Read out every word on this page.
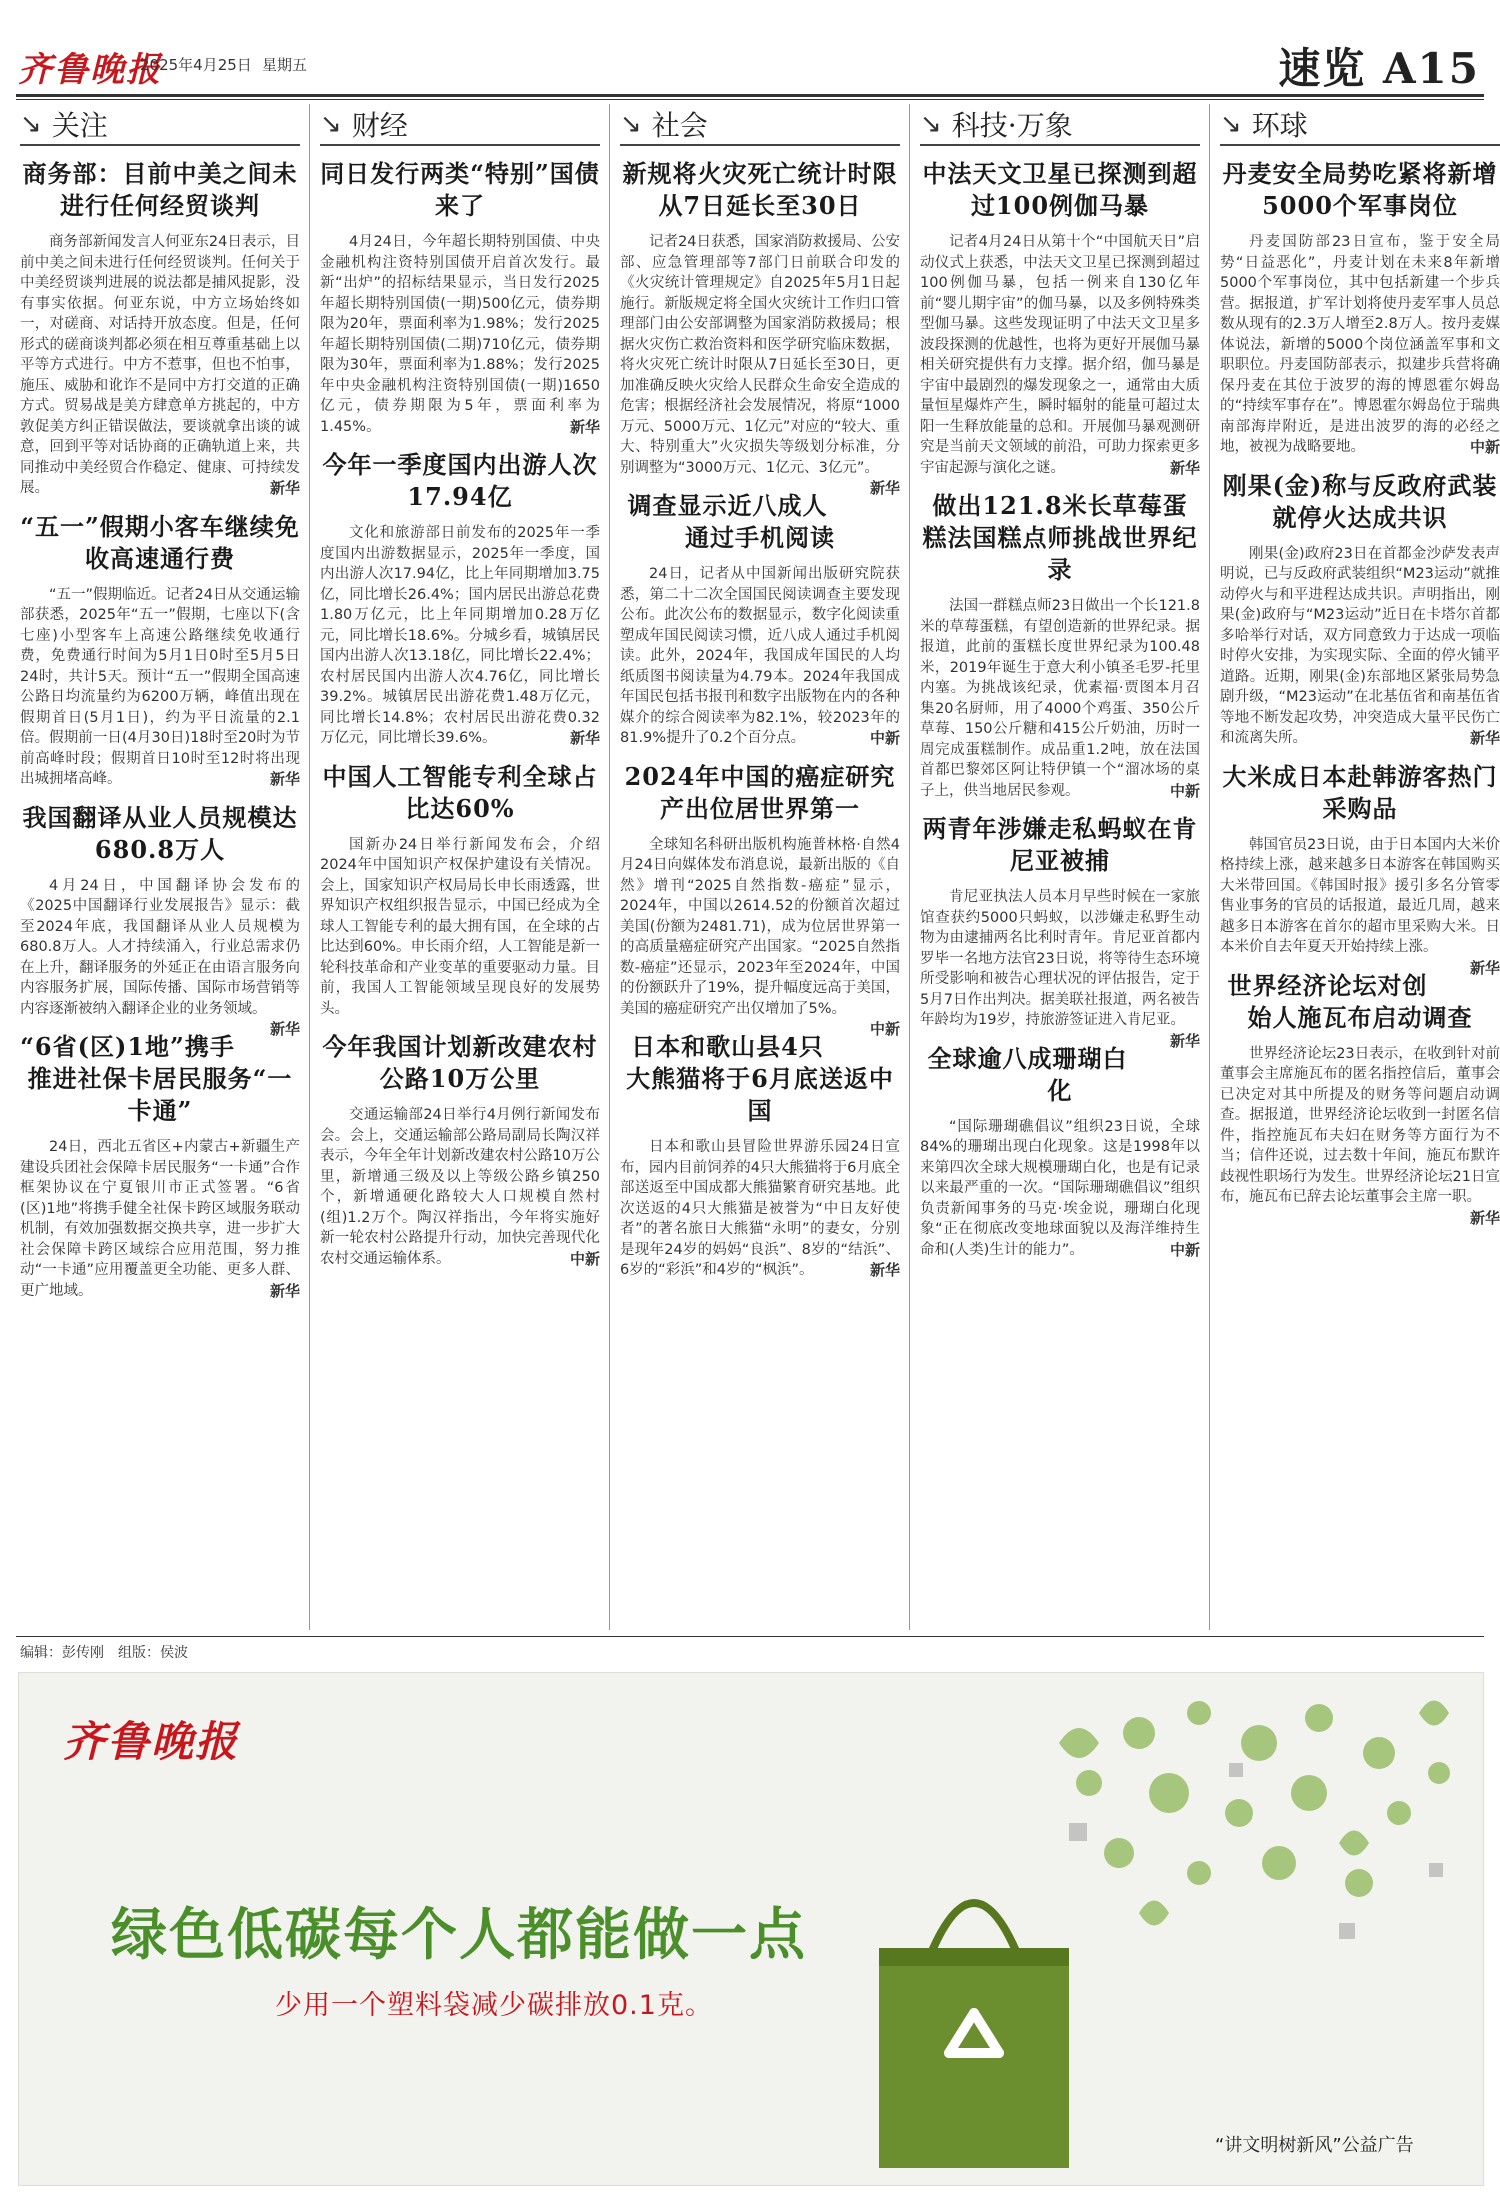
齐鲁晚报
2025年4月25日 星期五	速览 A15
↘ 关注
商务部：目前中美之间未进行任何经贸谈判

商务部新闻发言人何亚东24日表示，目前中美之间未进行任何经贸谈判。任何关于中美经贸谈判进展的说法都是捕风捉影，没有事实依据。何亚东说，中方立场始终如一，对磋商、对话持开放态度。但是，任何形式的磋商谈判都必须在相互尊重基础上以平等方式进行。中方不惹事，但也不怕事，施压、威胁和讹诈不是同中方打交道的正确方式。贸易战是美方肆意单方挑起的，中方敦促美方纠正错误做法，要谈就拿出谈的诚意，回到平等对话协商的正确轨道上来，共同推动中美经贸合作稳定、健康、可持续发展。	新华

“五一”假期小客车继续免收高速通行费

“五一”假期临近。记者24日从交通运输部获悉，2025年“五一”假期，七座以下(含七座)小型客车上高速公路继续免收通行费，免费通行时间为5月1日0时至5月5日24时，共计5天。预计“五一”假期全国高速公路日均流量约为6200万辆，峰值出现在假期首日(5月1日)，约为平日流量的2.1倍。假期前一日(4月30日)18时至20时为节前高峰时段；假期首日10时至12时将出现出城拥堵高峰。	新华

我国翻译从业人员规模达680.8万人

4月24日，中国翻译协会发布的《2025中国翻译行业发展报告》显示：截至2024年底，我国翻译从业人员规模为680.8万人。人才持续涌入，行业总需求仍在上升，翻译服务的外延正在由语言服务向内容服务扩展，国际传播、国际市场营销等内容逐渐被纳入翻译企业的业务领域。
新华

“6省(区)1地”携手推进社保卡居民服务“一卡通”

24日，西北五省区+内蒙古+新疆生产建设兵团社会保障卡居民服务“一卡通”合作框架协议在宁夏银川市正式签署。“6省(区)1地”将携手健全社保卡跨区域服务联动机制，有效加强数据交换共享，进一步扩大社会保障卡跨区域综合应用范围，努力推动“一卡通”应用覆盖更全功能、更多人群、更广地域。	新华

↘ 财经
同日发行两类“特别”国债来了

4月24日，今年超长期特别国债、中央金融机构注资特别国债开启首次发行。最新“出炉”的招标结果显示，当日发行2025年超长期特别国债(一期)500亿元，债券期限为20年，票面利率为1.98%；发行2025年超长期特别国债(二期)710亿元，债券期限为30年，票面利率为1.88%；发行2025年中央金融机构注资特别国债(一期)1650亿元，债券期限为5年，票面利率为1.45%。	新华

今年一季度国内出游人次17.94亿

文化和旅游部日前发布的2025年一季度国内出游数据显示，2025年一季度，国内出游人次17.94亿，比上年同期增加3.75亿，同比增长26.4%；国内居民出游总花费1.80万亿元，比上年同期增加0.28万亿元，同比增长18.6%。分城乡看，城镇居民国内出游人次13.18亿，同比增长22.4%；农村居民国内出游人次4.76亿，同比增长39.2%。城镇居民出游花费1.48万亿元，同比增长14.8%；农村居民出游花费0.32万亿元，同比增长39.6%。	新华

中国人工智能专利全球占比达60%

国新办24日举行新闻发布会，介绍2024年中国知识产权保护建设有关情况。会上，国家知识产权局局长申长雨透露，世界知识产权组织报告显示，中国已经成为全球人工智能专利的最大拥有国，在全球的占比达到60%。申长雨介绍，人工智能是新一轮科技革命和产业变革的重要驱动力量。目前，我国人工智能领域呈现良好的发展势头。

今年我国计划新改建农村公路10万公里

交通运输部24日举行4月例行新闻发布会。会上，交通运输部公路局副局长陶汉祥表示，今年全年计划新改建农村公路10万公里，新增通三级及以上等级公路乡镇250个，新增通硬化路较大人口规模自然村(组)1.2万个。陶汉祥指出，今年将实施好新一轮农村公路提升行动，加快完善现代化农村交通运输体系。	中新

↘ 社会
新规将火灾死亡统计时限从7日延长至30日

记者24日获悉，国家消防救援局、公安部、应急管理部等7部门日前联合印发的《火灾统计管理规定》自2025年5月1日起施行。新版规定将全国火灾统计工作归口管理部门由公安部调整为国家消防救援局；根据火灾伤亡救治资料和医学研究临床数据，将火灾死亡统计时限从7日延长至30日，更加准确反映火灾给人民群众生命安全造成的危害；根据经济社会发展情况，将原“1000万元、5000万元、1亿元”对应的“较大、重大、特别重大”火灾损失等级划分标准，分别调整为“3000万元、1亿元、3亿元”。
新华

调查显示近八成人通过手机阅读

24日，记者从中国新闻出版研究院获悉，第二十二次全国国民阅读调查主要发现公布。此次公布的数据显示，数字化阅读重塑成年国民阅读习惯，近八成人通过手机阅读。此外，2024年，我国成年国民的人均纸质图书阅读量为4.79本。2024年我国成年国民包括书报刊和数字出版物在内的各种媒介的综合阅读率为82.1%，较2023年的81.9%提升了0.2个百分点。	中新

2024年中国的癌症研究产出位居世界第一

全球知名科研出版机构施普林格·自然4月24日向媒体发布消息说，最新出版的《自然》增刊“2025自然指数-癌症”显示，2024年，中国以2614.52的份额首次超过美国(份额为2481.71)，成为位居世界第一的高质量癌症研究产出国家。“2025自然指数-癌症”还显示，2023年至2024年，中国的份额跃升了19%，提升幅度远高于美国，美国的癌症研究产出仅增加了5%。
中新

日本和歌山县4只大熊猫将于6月底送返中国

日本和歌山县冒险世界游乐园24日宣布，园内目前饲养的4只大熊猫将于6月底全部送返至中国成都大熊猫繁育研究基地。此次送返的4只大熊猫是被誉为“中日友好使者”的著名旅日大熊猫“永明”的妻女，分别是现年24岁的妈妈“良浜”、8岁的“结浜”、6岁的“彩浜”和4岁的“枫浜”。	新华

↘ 科技·万象
中法天文卫星已探测到超过100例伽马暴

记者4月24日从第十个“中国航天日”启动仪式上获悉，中法天文卫星已探测到超过100例伽马暴，包括一例来自130亿年前“婴儿期宇宙”的伽马暴，以及多例特殊类型伽马暴。这些发现证明了中法天文卫星多波段探测的优越性，也将为更好开展伽马暴相关研究提供有力支撑。据介绍，伽马暴是宇宙中最剧烈的爆发现象之一，通常由大质量恒星爆炸产生，瞬时辐射的能量可超过太阳一生释放能量的总和。开展伽马暴观测研究是当前天文领域的前沿，可助力探索更多宇宙起源与演化之谜。	新华

做出121.8米长草莓蛋糕法国糕点师挑战世界纪录

法国一群糕点师23日做出一个长121.8米的草莓蛋糕，有望创造新的世界纪录。据报道，此前的蛋糕长度世界纪录为100.48米，2019年诞生于意大利小镇圣毛罗-托里内塞。为挑战该纪录，优素福·贾图本月召集20名厨师，用了4000个鸡蛋、350公斤草莓、150公斤糖和415公斤奶油，历时一周完成蛋糕制作。成品重1.2吨，放在法国首都巴黎郊区阿让特伊镇一个“溜冰场的桌子上，供当地居民参观。	中新

两青年涉嫌走私蚂蚁在肯尼亚被捕

肯尼亚执法人员本月早些时候在一家旅馆查获约5000只蚂蚁，以涉嫌走私野生动物为由逮捕两名比利时青年。肯尼亚首都内罗毕一名地方法官23日说，将等待生态环境所受影响和被告心理状况的评估报告，定于5月7日作出判决。据美联社报道，两名被告年龄均为19岁，持旅游签证进入肯尼亚。
新华

全球逾八成珊瑚白化

“国际珊瑚礁倡议”组织23日说，全球84%的珊瑚出现白化现象。这是1998年以来第四次全球大规模珊瑚白化，也是有记录以来最严重的一次。“国际珊瑚礁倡议”组织负责新闻事务的马克·埃金说，珊瑚白化现象“正在彻底改变地球面貌以及海洋维持生命和(人类)生计的能力”。	中新

↘ 环球
丹麦安全局势吃紧将新增5000个军事岗位

丹麦国防部23日宣布，鉴于安全局势“日益恶化”，丹麦计划在未来8年新增5000个军事岗位，其中包括新建一个步兵营。据报道，扩军计划将使丹麦军事人员总数从现有的2.3万人增至2.8万人。按丹麦媒体说法，新增的5000个岗位涵盖军事和文职职位。丹麦国防部表示，拟建步兵营将确保丹麦在其位于波罗的海的博恩霍尔姆岛的“持续军事存在”。博恩霍尔姆岛位于瑞典南部海岸附近，是进出波罗的海的必经之地，被视为战略要地。	中新

刚果(金)称与反政府武装就停火达成共识

刚果(金)政府23日在首都金沙萨发表声明说，已与反政府武装组织“M23运动”就推动停火与和平进程达成共识。声明指出，刚果(金)政府与“M23运动”近日在卡塔尔首都多哈举行对话，双方同意致力于达成一项临时停火安排，为实现实际、全面的停火铺平道路。近期，刚果(金)东部地区紧张局势急剧升级，“M23运动”在北基伍省和南基伍省等地不断发起攻势，冲突造成大量平民伤亡和流离失所。	新华

大米成日本赴韩游客热门采购品

韩国官员23日说，由于日本国内大米价格持续上涨，越来越多日本游客在韩国购买大米带回国。《韩国时报》援引多名分管零售业事务的官员的话报道，最近几周，越来越多日本游客在首尔的超市里采购大米。日本米价自去年夏天开始持续上涨。
新华

世界经济论坛对创始人施瓦布启动调查

世界经济论坛23日表示，在收到针对前董事会主席施瓦布的匿名指控信后，董事会已决定对其中所提及的财务等问题启动调查。据报道，世界经济论坛收到一封匿名信件，指控施瓦布夫妇在财务等方面行为不当；信件还说，过去数十年间，施瓦布默许歧视性职场行为发生。世界经济论坛21日宣布，施瓦布已辞去论坛董事会主席一职。
新华

编辑：彭传刚　组版：侯波
齐鲁晚报
绿色低碳每个人都能做一点
少用一个塑料袋减少碳排放0.1克。
“讲文明树新风”公益广告
